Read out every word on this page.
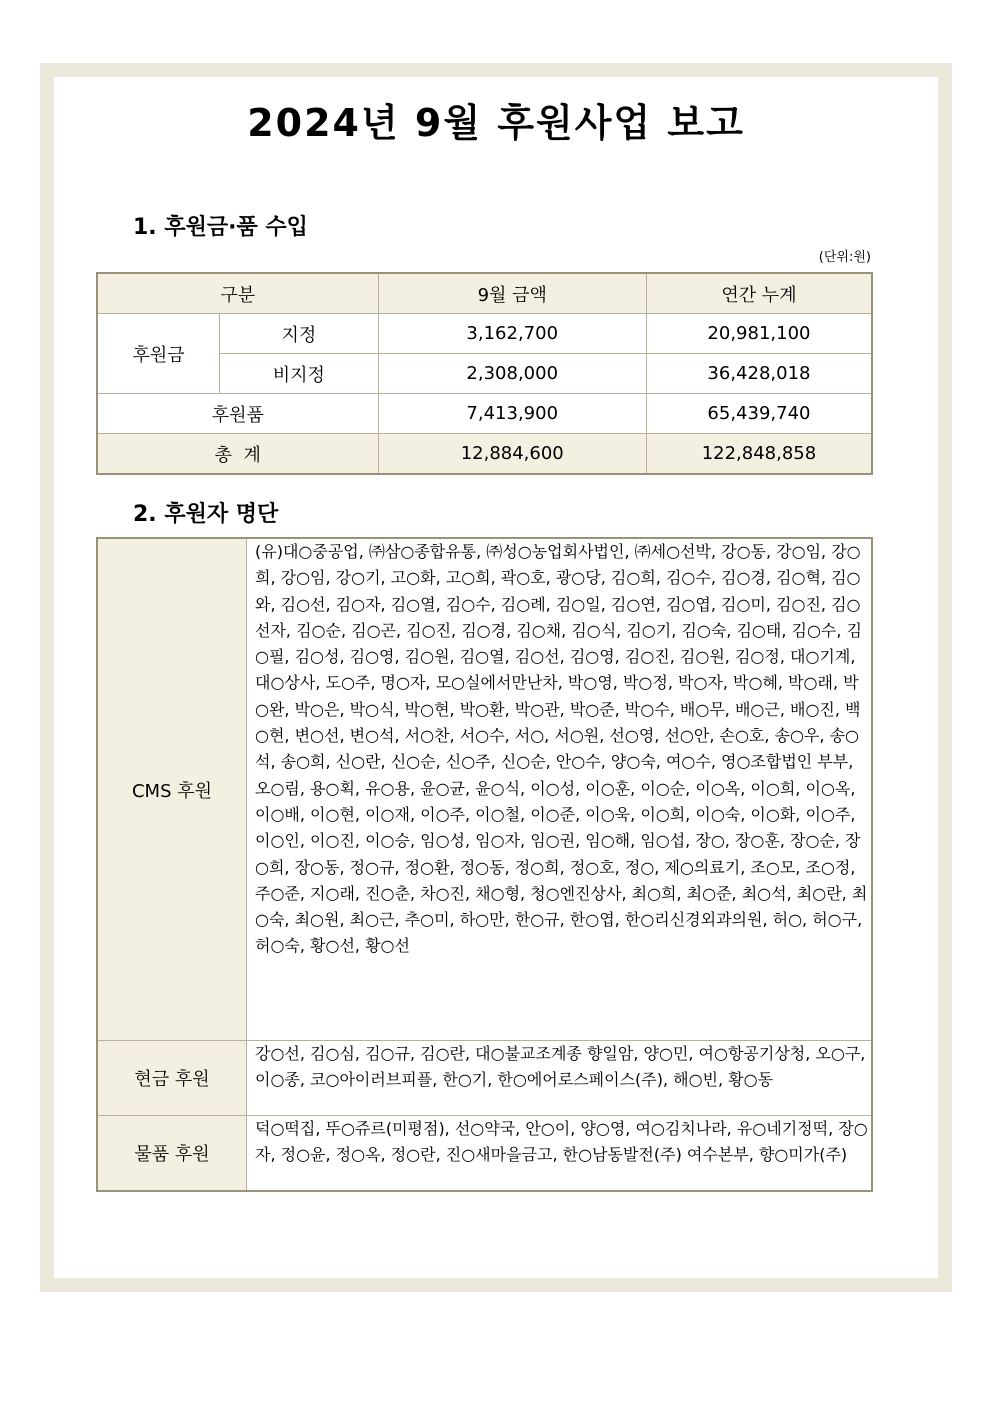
2024년 9월 후원사업 보고
1. 후원금·품 수입
(단위:원)
구분		9월 금액	연간 누계
후원금	지정	3,162,700	20,981,100
	비지정	2,308,000	36,428,018
후원품		7,413,900	65,439,740
총  계		12,884,600	122,848,858
2. 후원자 명단
CMS 후원	(유)대○중공업, ㈜삼○종합유통, ㈜성○농업회사법인, ㈜세○선박, 강○동, 강○임, 강○희, 강○임, 강○기, 고○화, 고○희, 곽○호, 광○당, 김○희, 김○수, 김○경, 김○혁, 김○와, 김○선, 김○자, 김○열, 김○수, 김○례, 김○일, 김○연, 김○엽, 김○미, 김○진, 김○선자, 김○순, 김○곤, 김○진, 김○경, 김○채, 김○식, 김○기, 김○숙, 김○태, 김○수, 김○필, 김○성, 김○영, 김○원, 김○열, 김○선, 김○영, 김○진, 김○원, 김○정, 대○기계, 대○상사, 도○주, 명○자, 모○실에서만난차, 박○영, 박○정, 박○자, 박○혜, 박○래, 박○완, 박○은, 박○식, 박○현, 박○환, 박○관, 박○준, 박○수, 배○무, 배○근, 배○진, 백○현, 변○선, 변○석, 서○찬, 서○수, 서○, 서○원, 선○영, 선○안, 손○호, 송○우, 송○석, 송○희, 신○란, 신○순, 신○주, 신○순, 안○수, 양○숙, 여○수, 영○조합법인 부부, 오○림, 용○획, 유○용, 윤○균, 윤○식, 이○성, 이○훈, 이○순, 이○옥, 이○희, 이○옥, 이○배, 이○현, 이○재, 이○주, 이○철, 이○준, 이○욱, 이○희, 이○숙, 이○화, 이○주, 이○인, 이○진, 이○승, 임○성, 임○자, 임○권, 임○해, 임○섭, 장○, 장○훈, 장○순, 장○희, 장○동, 정○규, 정○환, 정○동, 정○희, 정○호, 정○, 제○의료기, 조○모, 조○정, 주○준, 지○래, 진○춘, 차○진, 채○형, 청○엔진상사, 최○희, 최○준, 최○석, 최○란, 최○숙, 최○원, 최○근, 추○미, 하○만, 한○규, 한○엽, 한○리신경외과의원, 허○, 허○구, 허○숙, 황○선, 황○선
현금 후원	강○선, 김○심, 김○규, 김○란, 대○불교조계종 향일암, 양○민, 여○항공기상청, 오○구, 이○종, 코○아이러브피플, 한○기, 한○에어로스페이스(주), 해○빈, 황○동
물품 후원	덕○떡집, 뚜○쥬르(미평점), 선○약국, 안○이, 양○영, 여○김치나라, 유○네기정떡, 장○자, 정○윤, 정○옥, 정○란, 진○새마을금고, 한○남동발전(주) 여수본부, 향○미가(주)
